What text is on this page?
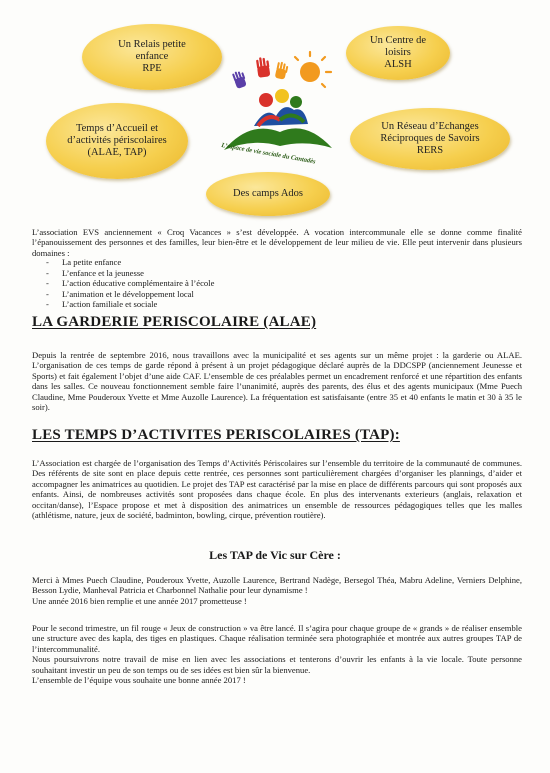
Un Relais petite
enfance
RPE
Un Centre de
loisirs
ALSH
Temps d’Accueil et
d’activités périscolaires
(ALAE, TAP)
Un Réseau d’Echanges
Réciproques de Savoirs
RERS
Des camps Ados
L’espace de vie sociale du Cantadès
L’association EVS anciennement « Croq Vacances » s’est développée. A vocation intercommunale elle se donne comme finalité l’épanouissement des personnes et des familles, leur bien-être et le développement de leur milieu de vie. Elle peut intervenir dans plusieurs domaines :
- La petite enfance
- L’enfance et la jeunesse
- L’action éducative complémentaire à l’école
- L’animation et le développement local
- L’action familiale et sociale
LA GARDERIE PERISCOLAIRE (ALAE)
Depuis la rentrée de septembre 2016, nous travaillons avec la municipalité et ses agents sur un même projet : la garderie ou ALAE. L’organisation de ces temps de garde répond à présent à un projet pédagogique déclaré auprès de la DDCSPP (anciennement Jeunesse et Sports) et fait également l’objet d’une aide CAF. L’ensemble de ces préalables permet un encadrement renforcé et une répartition des enfants dans les salles. Ce nouveau fonctionnement semble faire l’unanimité, auprès des parents, des élus et des agents municipaux (Mme Puech Claudine, Mme Pouderoux Yvette et Mme Auzolle Laurence). La fréquentation est satisfaisante (entre 35 et 40 enfants le matin et 30 à 35 le soir).
LES TEMPS D’ACTIVITES PERISCOLAIRES (TAP):
L’Association est chargée de l’organisation des Temps d’Activités Périscolaires sur l’ensemble du territoire de la communauté de communes. Des référents de site sont en place depuis cette rentrée, ces personnes sont particulièrement chargées d’organiser les plannings, d’aider et accompagner les animatrices au quotidien. Le projet des TAP est caractérisé par la mise en place de différents parcours qui sont proposés aux enfants. Ainsi, de nombreuses activités sont proposées dans chaque école. En plus des intervenants exterieurs (anglais, relaxation et occitan/danse), l’Espace propose et met à disposition des animatrices un ensemble de ressources pédagogiques telles que les malles (athlétisme, nature, jeux de société, badminton, bowling, cirque, prévention routière).
Les TAP de Vic sur Cère :
Merci à Mmes Puech Claudine, Pouderoux Yvette, Auzolle Laurence, Bertrand Nadège, Bersegol Théa, Mabru Adeline, Verniers Delphine, Besson Lydie, Manheval Patricia et Charbonnel Nathalie pour leur dynamisme !
Une année 2016 bien remplie et une année 2017 prometteuse !
Pour le second trimestre, un fil rouge « Jeux de construction » va être lancé. Il s’agira pour chaque groupe de « grands » de réaliser ensemble une structure avec des kapla, des tiges en plastiques. Chaque réalisation terminée sera photographiée et montrée aux autres groupes TAP de l’intercommunalité.
Nous poursuivrons notre travail de mise en lien avec les associations et tenterons d’ouvrir les enfants à la vie locale. Toute personne souhaitant investir un peu de son temps ou de ses idées est bien sûr la bienvenue.
L’ensemble de l’équipe vous souhaite une bonne année 2017 !
